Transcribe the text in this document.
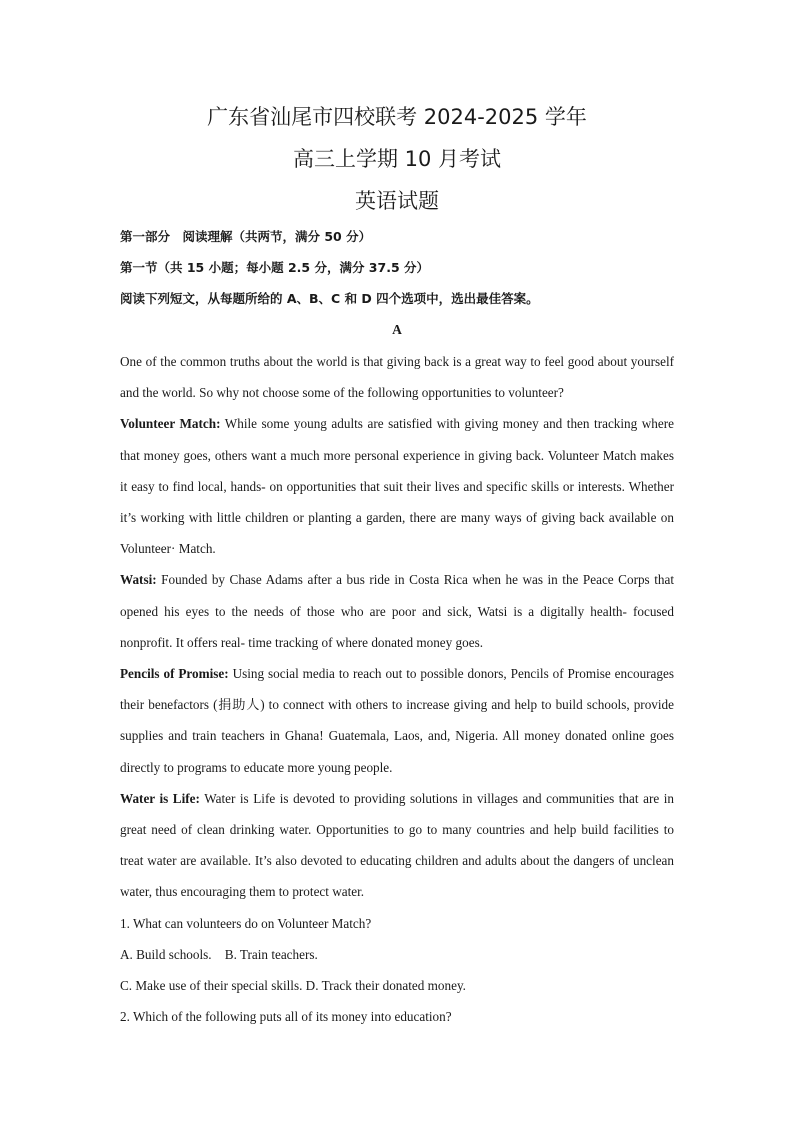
广东省汕尾市四校联考 2024-2025 学年
高三上学期 10 月考试
英语试题
第一部分　阅读理解（共两节，满分 50 分）
第一节（共 15 小题；每小题 2.5 分，满分 37.5 分）
阅读下列短文，从每题所给的 A、B、C 和 D 四个选项中，选出最佳答案。
A

One of the common truths about the world is that giving back is a great way to feel good about yourself and the world. So why not choose some of the following opportunities to volunteer?

Volunteer Match: While some young adults are satisfied with giving money and then tracking where that money goes, others want a much more personal experience in giving back. Volunteer Match makes it easy to find local, hands- on opportunities that suit their lives and specific skills or interests. Whether it’s working with little children or planting a garden, there are many ways of giving back available on Volunteer· Match.

Watsi: Founded by Chase Adams after a bus ride in Costa Rica when he was in the Peace Corps that opened his eyes to the needs of those who are poor and sick, Watsi is a digitally health- focused nonprofit. It offers real- time tracking of where donated money goes.

Pencils of Promise: Using social media to reach out to possible donors, Pencils of Promise encourages their benefactors (捐助人) to connect with others to increase giving and help to build schools, provide supplies and train teachers in Ghana! Guatemala, Laos, and, Nigeria. All money donated online goes directly to programs to educate more young people.

Water is Life: Water is Life is devoted to providing solutions in villages and communities that are in great need of clean drinking water. Opportunities to go to many countries and help build facilities to treat water are available. It’s also devoted to educating children and adults about the dangers of unclean water, thus encouraging them to protect water.

1. What can volunteers do on Volunteer Match?

A. Build schools.　B. Train teachers.

C. Make use of their special skills. D. Track their donated money.

2. Which of the following puts all of its money into education?
